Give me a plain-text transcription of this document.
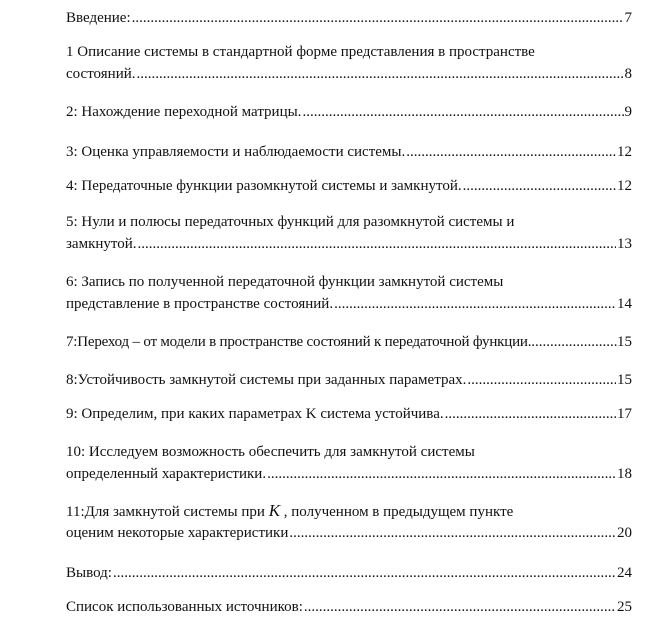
Введение: .....	7
1 Описание системы в стандартной форме представления в пространстве
состояний. .....	8
2: Нахождение переходной матрицы. .....	9
3: Оценка управляемости и наблюдаемости системы. .....	12
4: Передаточные функции разомкнутой системы и замкнутой. .....	12
5: Нули и полюсы передаточных функций для разомкнутой системы и
замкнутой. .....	13
6: Запись по полученной передаточной функции замкнутой системы
представление в пространстве состояний. .....	14
7:Переход – от модели в пространстве состояний к передаточной функции. .....	15
8:Устойчивость замкнутой системы при заданных параметрах. .....	15
9: Определим, при каких параметрах K система устойчива. .....	17
10: Исследуем возможность обеспечить для замкнутой системы
определенный характеристики. .....	18
11:Для замкнутой системы при K , полученном в предыдущем пункте
оценим некоторые характеристики .....	20
Вывод: .....	24
Список использованных источников: .....	25
